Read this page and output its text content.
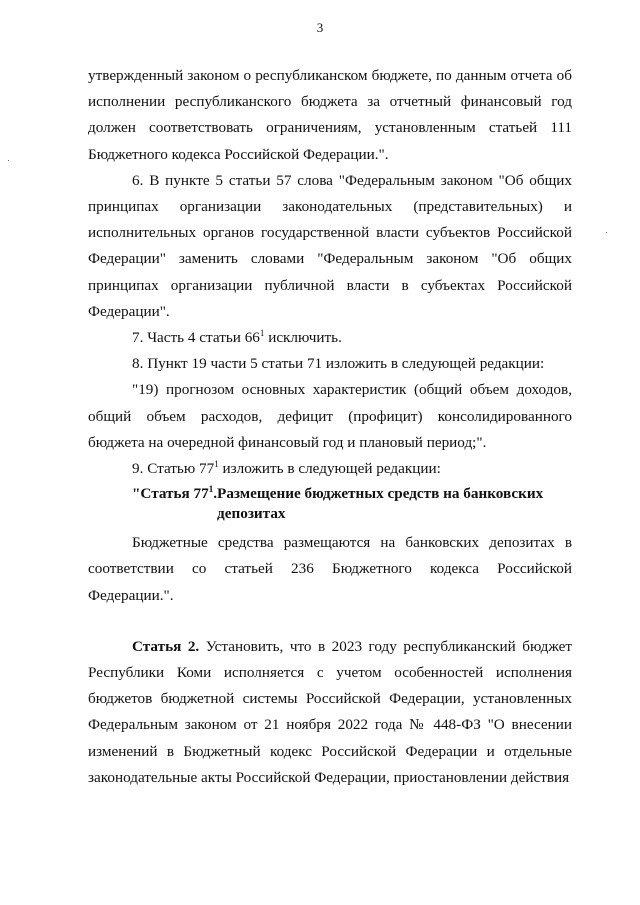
3

утвержденный законом о республиканском бюджете, по данным отчета об исполнении республиканского бюджета за отчетный финансовый год должен соответствовать ограничениям, установленным статьей 111 Бюджетного кодекса Российской Федерации.".

6. В пункте 5 статьи 57 слова "Федеральным законом "Об общих принципах организации законодательных (представительных) и исполнительных органов государственной власти субъектов Российской Федерации" заменить словами "Федеральным законом "Об общих принципах организации публичной власти в субъектах Российской Федерации".

7. Часть 4 статьи $66^1$ исключить.

8. Пункт 19 части 5 статьи 71 изложить в следующей редакции:

"19) прогнозом основных характеристик (общий объем доходов, общий объем расходов, дефицит (профицит) консолидированного бюджета на очередной финансовый год и плановый период;".

9. Статью $77^1$ изложить в следующей редакции:

"Статья $77^1$. Размещение бюджетных средств на банковских депозитах

Бюджетные средства размещаются на банковских депозитах в соответствии со статьей 236 Бюджетного кодекса Российской Федерации.".

Статья 2. Установить, что в 2023 году республиканский бюджет Республики Коми исполняется с учетом особенностей исполнения бюджетов бюджетной системы Российской Федерации, установленных Федеральным законом от 21 ноября 2022 года № 448-ФЗ "О внесении изменений в Бюджетный кодекс Российской Федерации и отдельные законодательные акты Российской Федерации, приостановлении действия
